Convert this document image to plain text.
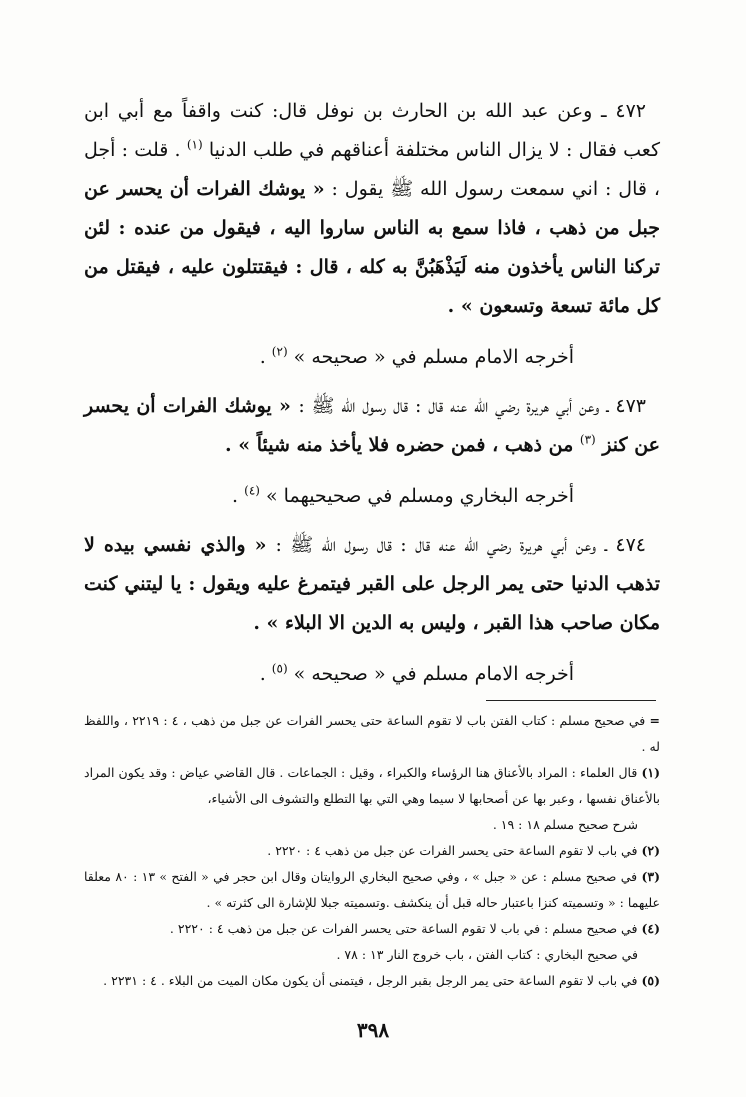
٤٧٢ ـ وعن عبد الله بن الحارث بن نوفل قال: كنت واقفاً مع أبي ابن كعب فقال : لا يزال الناس مختلفة أعناقهم في طلب الدنيا $^{(١)}$ . قلت : أجل ، قال : اني سمعت رسول الله ﷺ يقول : « يوشك الفرات أن يحسر عن جبل من ذهب ، فاذا سمع به الناس ساروا اليه ، فيقول من عنده : لئن تركنا الناس يأخذون منه لَيَذْهَبُنَّ به كله ، قال : فيقتتلون عليه ، فيقتل من كل مائة تسعة وتسعون » .

أخرجه الامام مسلم في « صحيحه » $^{(٢)}$ .

٤٧٣ ـ وعن أبي هريرة رضي الله عنه قال : قال رسول الله ﷺ : « يوشك الفرات أن يحسر عن كنز $^{(٣)}$ من ذهب ، فمن حضره فلا يأخذ منه شيئاً » .

أخرجه البخاري ومسلم في صحيحيهما » $^{(٤)}$ .

٤٧٤ ـ وعن أبي هريرة رضي الله عنه قال : قال رسول الله ﷺ : « والذي نفسي بيده لا تذهب الدنيا حتى يمر الرجل على القبر فيتمرغ عليه ويقول : يا ليتني كنت مكان صاحب هذا القبر ، وليس به الدين الا البلاء » .

أخرجه الامام مسلم في « صحيحه » $^{(٥)}$ .

= في صحيح مسلم : كتاب الفتن باب لا تقوم الساعة حتى يحسر الفرات عن جبل من ذهب ، ٤ : ٢٢١٩ ، واللفظ له .

(١) قال العلماء : المراد بالأعناق هنا الرؤساء والكبراء ، وقيل : الجماعات . قال القاضي عياض : وقد يكون المراد بالأعناق نفسها ، وعبر بها عن أصحابها لا سيما وهي التي بها التطلع والتشوف الى الأشياء،
شرح صحيح مسلم ١٨ : ١٩ .

(٢) في باب لا تقوم الساعة حتى يحسر الفرات عن جبل من ذهب ٤ : ٢٢٢٠ .

(٣) في صحيح مسلم : عن « جبل » ، وفي صحيح البخاري الروايتان وقال ابن حجر في « الفتح » ١٣ : ٨٠ معلقا عليهما : « وتسميته كنزا باعتبار حاله قبل أن ينكشف .وتسميته جبلا للإشارة الى كثرته » .

(٤) في صحيح مسلم : في باب لا تقوم الساعة حتى يحسر الفرات عن جبل من ذهب ٤ : ٢٢٢٠ .
في صحيح البخاري : كتاب الفتن ، باب خروج النار ١٣ : ٧٨ .

(٥) في باب لا تقوم الساعة حتى يمر الرجل بقبر الرجل ، فيتمنى أن يكون مكان الميت من البلاء . ٤ : ٢٢٣١ .

٣٩٨
